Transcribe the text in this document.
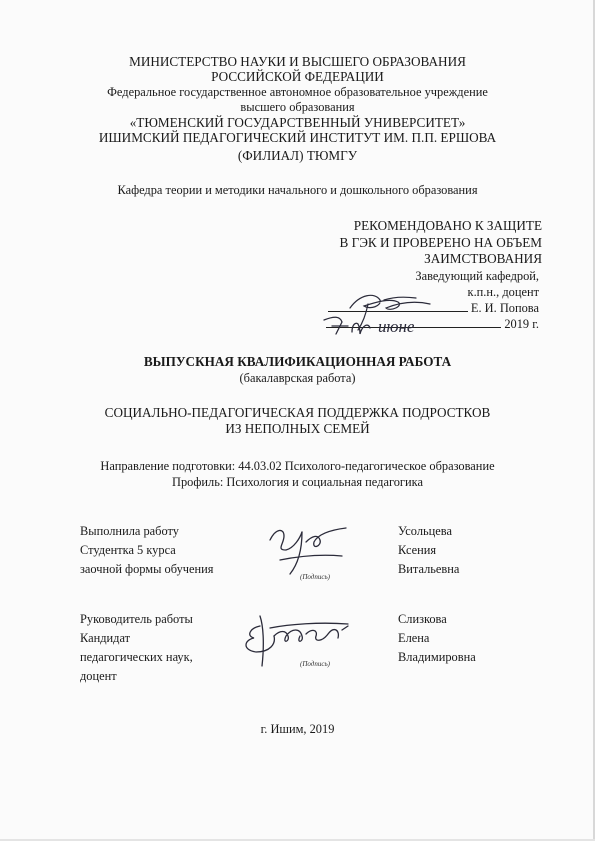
МИНИСТЕРСТВО НАУКИ И ВЫСШЕГО ОБРАЗОВАНИЯ
РОССИЙСКОЙ ФЕДЕРАЦИИ
Федеральное государственное автономное образовательное учреждение
высшего образования
«ТЮМЕНСКИЙ ГОСУДАРСТВЕННЫЙ УНИВЕРСИТЕТ»
ИШИМСКИЙ ПЕДАГОГИЧЕСКИЙ ИНСТИТУТ ИМ. П.П. ЕРШОВА
(ФИЛИАЛ) ТЮМГУ
Кафедра теории и методики начального и дошкольного образования
РЕКОМЕНДОВАНО К ЗАЩИТЕ
В ГЭК И ПРОВЕРЕНО НА ОБЪЕМ
ЗАИМСТВОВАНИЯ
Заведующий кафедрой,
к.п.н., доцент
Е. И. Попова
2019 г.
июне
ВЫПУСКНАЯ КВАЛИФИКАЦИОННАЯ РАБОТА
(бакалаврская работа)
СОЦИАЛЬНО-ПЕДАГОГИЧЕСКАЯ ПОДДЕРЖКА ПОДРОСТКОВ
ИЗ НЕПОЛНЫХ СЕМЕЙ
Направление подготовки: 44.03.02 Психолого-педагогическое образование
Профиль: Психология и социальная педагогика
Выполнила работу
Студентка 5 курса
заочной формы обучения
Усольцева
Ксения
Витальевна
(Подпись)
Руководитель работы
Кандидат
педагогических наук,
доцент
Слизкова
Елена
Владимировна
(Подпись)
г. Ишим, 2019
